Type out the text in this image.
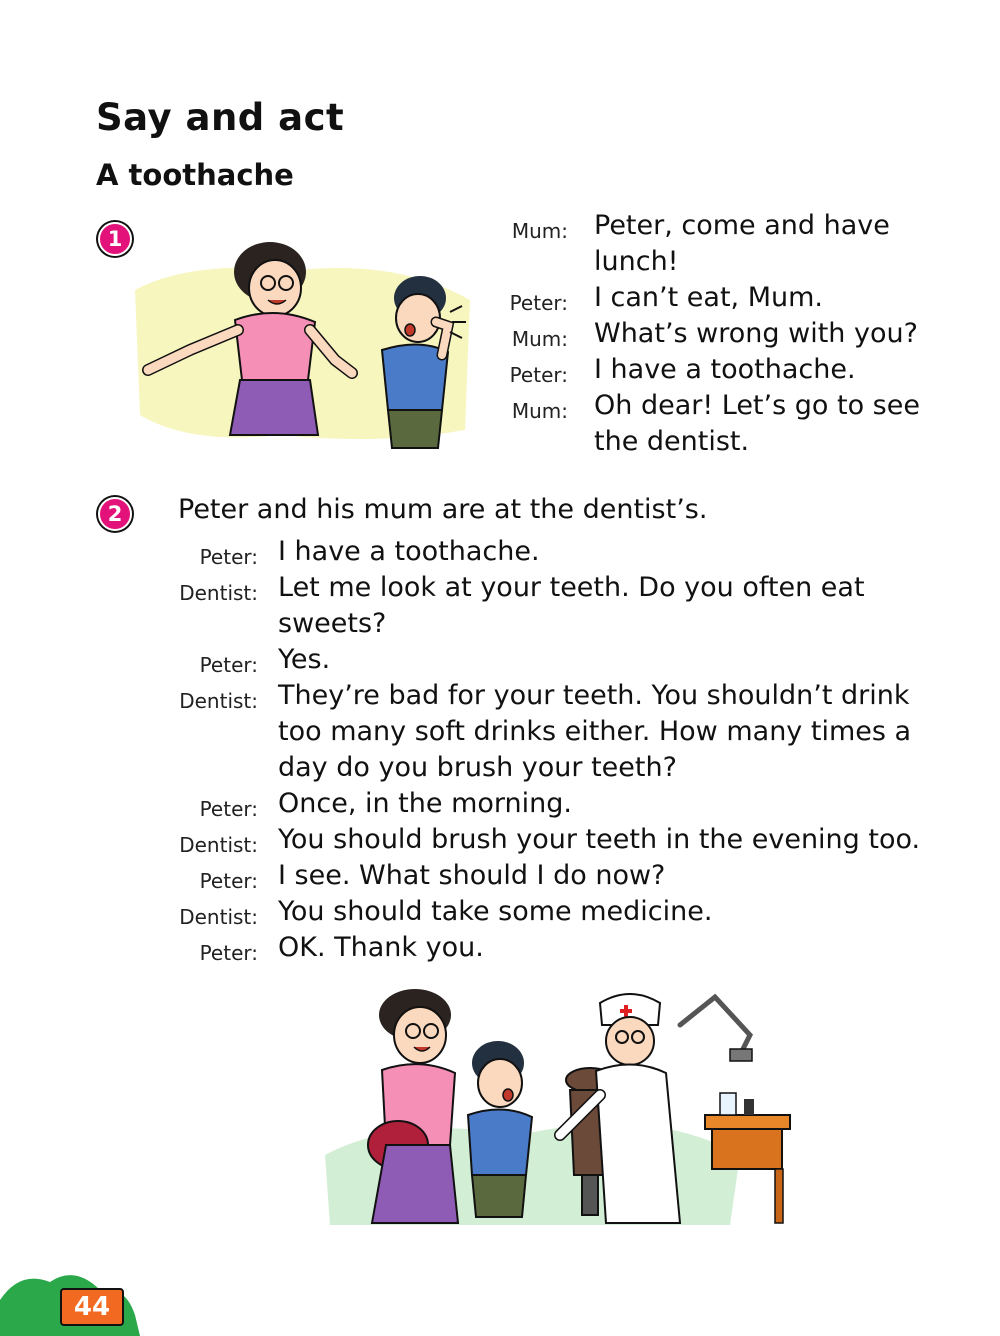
Say and act
A toothache
1	Mum: Peter, come and have
lunch!
Peter: I can’t eat, Mum.
Mum: What’s wrong with you?
Peter: I have a toothache.
Mum: Oh dear! Let’s go to see
the dentist.
2	Peter and his mum are at the dentist’s.
Peter: I have a toothache.
Dentist: Let me look at your teeth. Do you often eat
sweets?
Peter: Yes.
Dentist: They’re bad for your teeth. You shouldn’t drink
too many soft drinks either. How many times a
day do you brush your teeth?
Peter: Once, in the morning.
Dentist: You should brush your teeth in the evening too.
Peter: I see. What should I do now?
Dentist: You should take some medicine.
Peter: OK. Thank you.
44
